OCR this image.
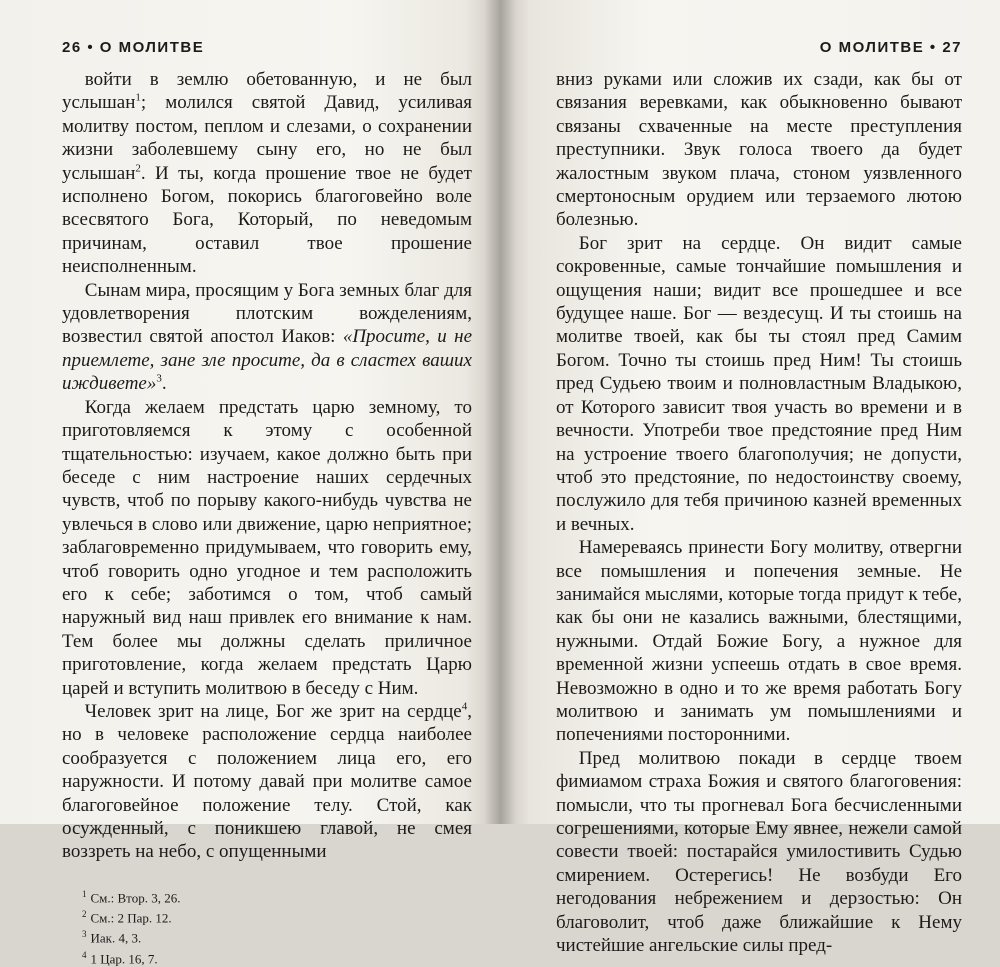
26 • О МОЛИТВЕ

войти в землю обетованную, и не был услышан$^1$; молился святой Давид, усиливая молитву постом, пеплом и слезами, о сохранении жизни заболевшему сыну его, но не был услышан$^2$. И ты, когда прошение твое не будет исполнено Богом, покорись благоговейно воле всесвятого Бога, Который, по неведомым причинам, оставил твое прошение неисполненным.

Сынам мира, просящим у Бога земных благ для удовлетворения плотским вожделениям, возвестил святой апостол Иаков: «Просите, и не приемлете, зане зле просите, да в сластех ваших иждивете»$^3$.

Когда желаем предстать царю земному, то приготовляемся к этому с особенной тщательностью: изучаем, какое должно быть при беседе с ним настроение наших сердечных чувств, чтоб по порыву какого-нибудь чувства не увлечься в слово или движение, царю неприятное; заблаговременно придумываем, что говорить ему, чтоб говорить одно угодное и тем расположить его к себе; заботимся о том, чтоб самый наружный вид наш привлек его внимание к нам. Тем более мы должны сделать приличное приготовление, когда желаем предстать Царю царей и вступить молитвою в беседу с Ним.

Человек зрит на лице, Бог же зрит на сердце$^4$, но в человеке расположение сердца наиболее сообразуется с положением лица его, его наружности. И потому давай при молитве самое благоговейное положение телу. Стой, как осужденный, с поникшею главой, не смея воззреть на небо, с опущенными

$^1$ См.: Втор. 3, 26.
$^2$ См.: 2 Пар. 12.
$^3$ Иак. 4, 3.
$^4$ 1 Цар. 16, 7.
О МОЛИТВЕ • 27

вниз руками или сложив их сзади, как бы от связания веревками, как обыкновенно бывают связаны схваченные на месте преступления преступники. Звук голоса твоего да будет жалостным звуком плача, стоном уязвленного смертоносным орудием или терзаемого лютою болезнью.

Бог зрит на сердце. Он видит самые сокровенные, самые тончайшие помышления и ощущения наши; видит все прошедшее и все будущее наше. Бог — вездесущ. И ты стоишь на молитве твоей, как бы ты стоял пред Самим Богом. Точно ты стоишь пред Ним! Ты стоишь пред Судьею твоим и полновластным Владыкою, от Которого зависит твоя участь во времени и в вечности. Употреби твое предстояние пред Ним на устроение твоего благополучия; не допусти, чтоб это предстояние, по недостоинству своему, послужило для тебя причиною казней временных и вечных.

Намереваясь принести Богу молитву, отвергни все помышления и попечения земные. Не занимайся мыслями, которые тогда придут к тебе, как бы они не казались важными, блестящими, нужными. Отдай Божие Богу, а нужное для временной жизни успеешь отдать в свое время. Невозможно в одно и то же время работать Богу молитвою и занимать ум помышлениями и попечениями посторонними.

Пред молитвою покади в сердце твоем фимиамом страха Божия и святого благоговения: помысли, что ты прогневал Бога бесчисленными согрешениями, которые Ему явнее, нежели самой совести твоей: постарайся умилостивить Судью смирением. Остерегись! Не возбуди Его негодования небрежением и дерзостью: Он благоволит, чтоб даже ближайшие к Нему чистейшие ангельские силы пред-
